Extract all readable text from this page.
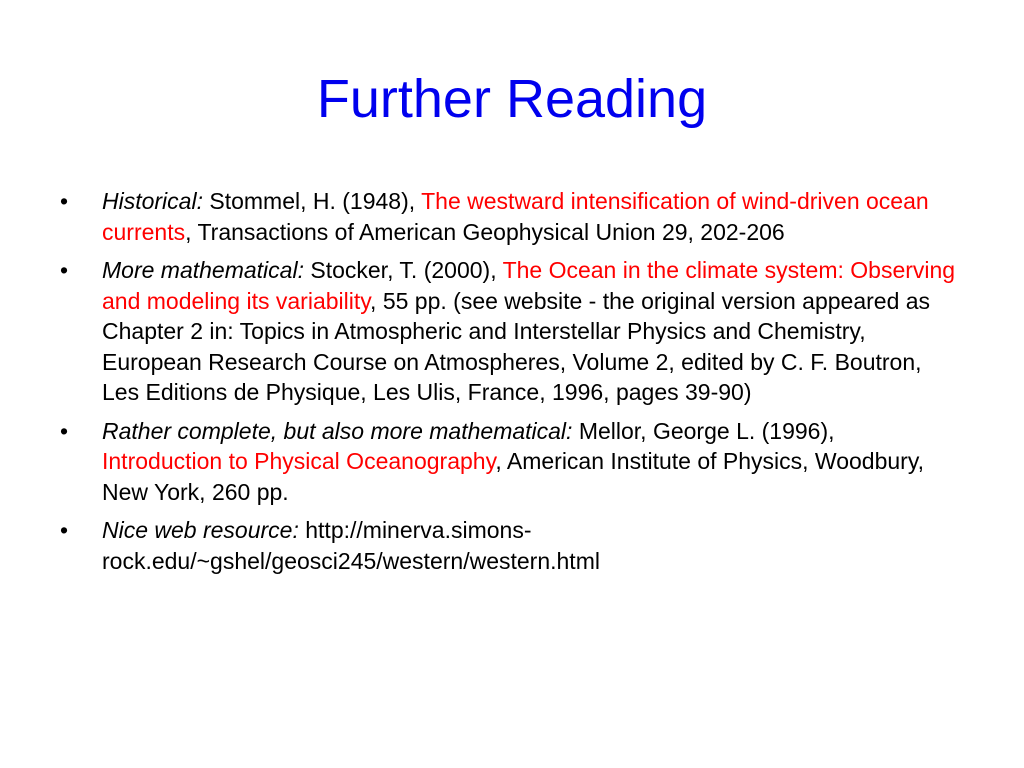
Further Reading
•	Historical: Stommel, H. (1948), The westward intensification of wind-driven ocean currents, Transactions of American Geophysical Union 29, 202-206
•	More mathematical: Stocker, T. (2000), The Ocean in the climate system: Observing and modeling its variability, 55 pp. (see website - the original version appeared as Chapter 2 in: Topics in Atmospheric and Interstellar Physics and Chemistry, European Research Course on Atmospheres, Volume 2, edited by C. F. Boutron, Les Editions de Physique, Les Ulis, France, 1996, pages 39-90)
•	Rather complete, but also more mathematical: Mellor, George L. (1996), Introduction to Physical Oceanography, American Institute of Physics, Woodbury, New York, 260 pp.
•	Nice web resource: http://minerva.simons-rock.edu/~gshel/geosci245/western/western.html
